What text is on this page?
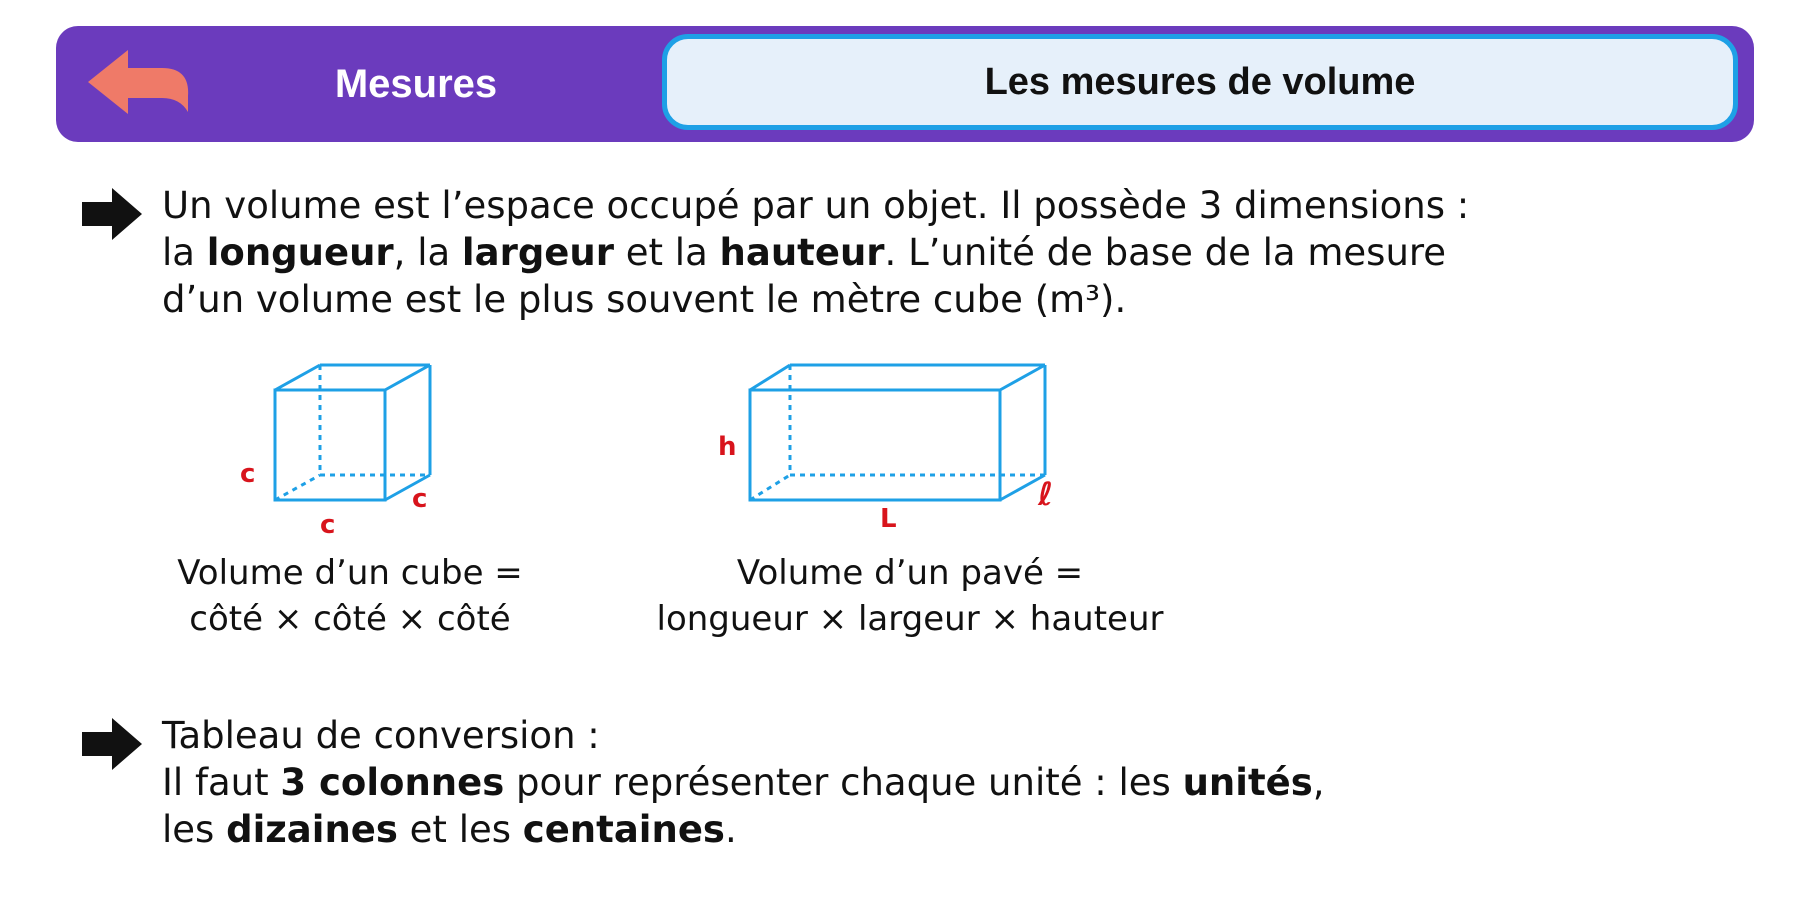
Mesures	Les mesures de volume
Un volume est l’espace occupé par un objet. Il possède 3 dimensions :
la longueur, la largeur et la hauteur. L’unité de base de la mesure
d’un volume est le plus souvent le mètre cube (m³).
c
c
c
Volume d’un cube =
côté × côté × côté
h
L
ℓ
Volume d’un pavé =
longueur × largeur × hauteur
Tableau de conversion :
Il faut 3 colonnes pour représenter chaque unité : les unités,
les dizaines et les centaines.
